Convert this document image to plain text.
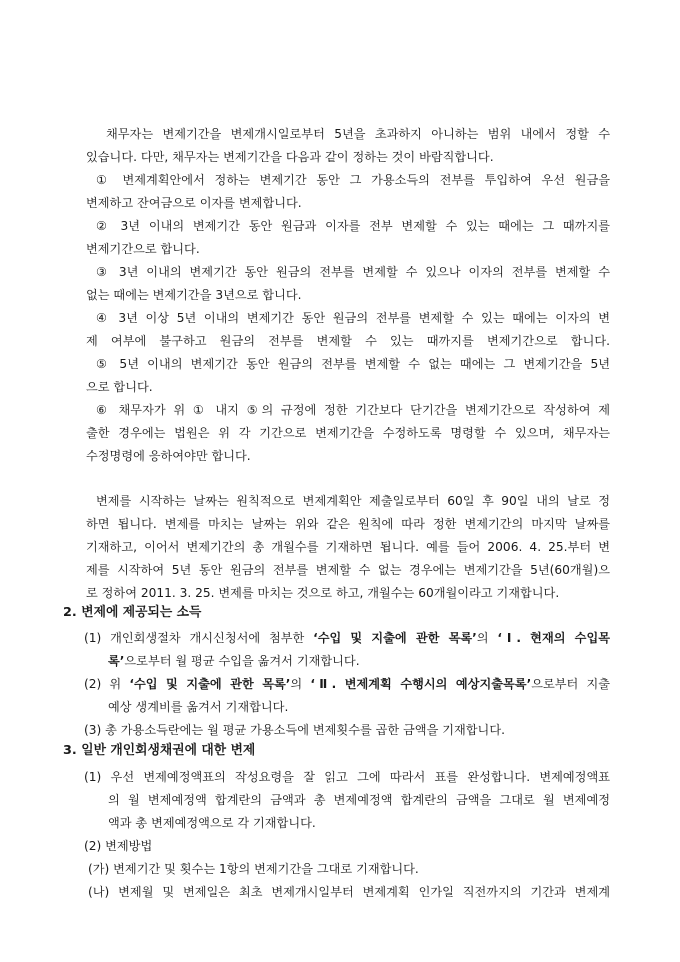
채무자는 변제기간을 변제개시일로부터 5년을 초과하지 아니하는 범위 내에서 정할 수
있습니다. 다만, 채무자는 변제기간을 다음과 같이 정하는 것이 바람직합니다.
① 변제계획안에서 정하는 변제기간 동안 그 가용소득의 전부를 투입하여 우선 원금을
변제하고 잔여금으로 이자를 변제합니다.
② 3년 이내의 변제기간 동안 원금과 이자를 전부 변제할 수 있는 때에는 그 때까지를
변제기간으로 합니다.
③ 3년 이내의 변제기간 동안 원금의 전부를 변제할 수 있으나 이자의 전부를 변제할 수
없는 때에는 변제기간을 3년으로 합니다.
④ 3년 이상 5년 이내의 변제기간 동안 원금의 전부를 변제할 수 있는 때에는 이자의 변
제 여부에 불구하고 원금의 전부를 변제할 수 있는 때까지를 변제기간으로 합니다.
⑤ 5년 이내의 변제기간 동안 원금의 전부를 변제할 수 없는 때에는 그 변제기간을 5년
으로 합니다.
⑥ 채무자가 위 ① 내지 ⑤의 규정에 정한 기간보다 단기간을 변제기간으로 작성하여 제
출한 경우에는 법원은 위 각 기간으로 변제기간을 수정하도록 명령할 수 있으며, 채무자는
수정명령에 응하여야만 합니다.
변제를 시작하는 날짜는 원칙적으로 변제계획안 제출일로부터 60일 후 90일 내의 날로 정
하면 됩니다. 변제를 마치는 날짜는 위와 같은 원칙에 따라 정한 변제기간의 마지막 날짜를
기재하고, 이어서 변제기간의 총 개월수를 기재하면 됩니다. 예를 들어 2006. 4. 25.부터 변
제를 시작하여 5년 동안 원금의 전부를 변제할 수 없는 경우에는 변제기간을 5년(60개월)으
로 정하여 2011. 3. 25. 변제를 마치는 것으로 하고, 개월수는 60개월이라고 기재합니다.
2. 변제에 제공되는 소득
(1) 개인회생절차 개시신청서에 첨부한 ‘수입 및 지출에 관한 목록’의 ‘Ⅰ. 현재의 수입목
록’으로부터 월 평균 수입을 옮겨서 기재합니다.
(2) 위 ‘수입 및 지출에 관한 목록’의 ‘Ⅱ. 변제계획 수행시의 예상지출목록’으로부터 지출
예상 생계비를 옮겨서 기재합니다.
(3) 총 가용소득란에는 월 평균 가용소득에 변제횟수를 곱한 금액을 기재합니다.
3. 일반 개인회생채권에 대한 변제
(1) 우선 변제예정액표의 작성요령을 잘 읽고 그에 따라서 표를 완성합니다. 변제예정액표
의 월 변제예정액 합계란의 금액과 총 변제예정액 합계란의 금액을 그대로 월 변제예정
액과 총 변제예정액으로 각 기재합니다.
(2) 변제방법
(가) 변제기간 및 횟수는 1항의 변제기간을 그대로 기재합니다.
(나) 변제월 및 변제일은 최초 변제개시일부터 변제계획 인가일 직전까지의 기간과 변제계
